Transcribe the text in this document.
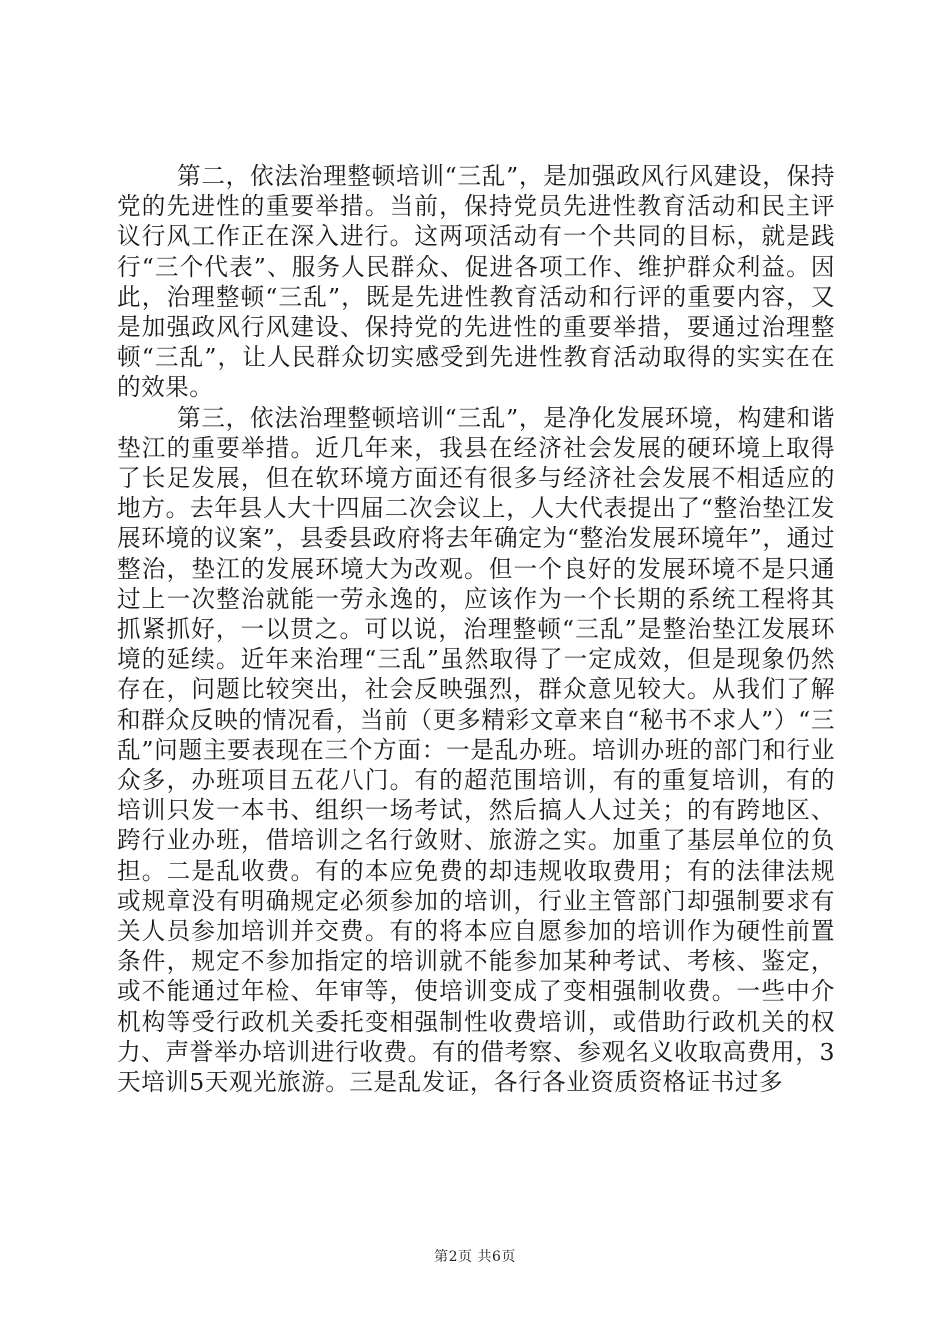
第二，依法治理整顿培训“三乱”，是加强政风行风建设，保持党的先进性的重要举措。当前，保持党员先进性教育活动和民主评议行风工作正在深入进行。这两项活动有一个共同的目标，就是践行“三个代表”、服务人民群众、促进各项工作、维护群众利益。因此，治理整顿“三乱”，既是先进性教育活动和行评的重要内容，又是加强政风行风建设、保持党的先进性的重要举措，要通过治理整顿“三乱”，让人民群众切实感受到先进性教育活动取得的实实在在的效果。

第三，依法治理整顿培训“三乱”，是净化发展环境，构建和谐垫江的重要举措。近几年来，我县在经济社会发展的硬环境上取得了长足发展，但在软环境方面还有很多与经济社会发展不相适应的地方。去年县人大十四届二次会议上，人大代表提出了“整治垫江发展环境的议案”，县委县政府将去年确定为“整治发展环境年”，通过整治，垫江的发展环境大为改观。但一个良好的发展环境不是只通过上一次整治就能一劳永逸的，应该作为一个长期的系统工程将其抓紧抓好，一以贯之。可以说，治理整顿“三乱”是整治垫江发展环境的延续。近年来治理“三乱”虽然取得了一定成效，但是现象仍然存在，问题比较突出，社会反映强烈，群众意见较大。从我们了解和群众反映的情况看，当前（更多精彩文章来自“秘书不求人”）“三乱”问题主要表现在三个方面：一是乱办班。培训办班的部门和行业众多，办班项目五花八门。有的超范围培训，有的重复培训，有的培训只发一本书、组织一场考试，然后搞人人过关；的有跨地区、跨行业办班，借培训之名行敛财、旅游之实。加重了基层单位的负担。二是乱收费。有的本应免费的却违规收取费用；有的法律法规或规章没有明确规定必须参加的培训，行业主管部门却强制要求有关人员参加培训并交费。有的将本应自愿参加的培训作为硬性前置条件，规定不参加指定的培训就不能参加某种考试、考核、鉴定，或不能通过年检、年审等，使培训变成了变相强制收费。一些中介机构等受行政机关委托变相强制性收费培训，或借助行政机关的权力、声誉举办培训进行收费。有的借考察、参观名义收取高费用，3天培训5天观光旅游。三是乱发证，各行各业资质资格证书过多

第2页 共6页
